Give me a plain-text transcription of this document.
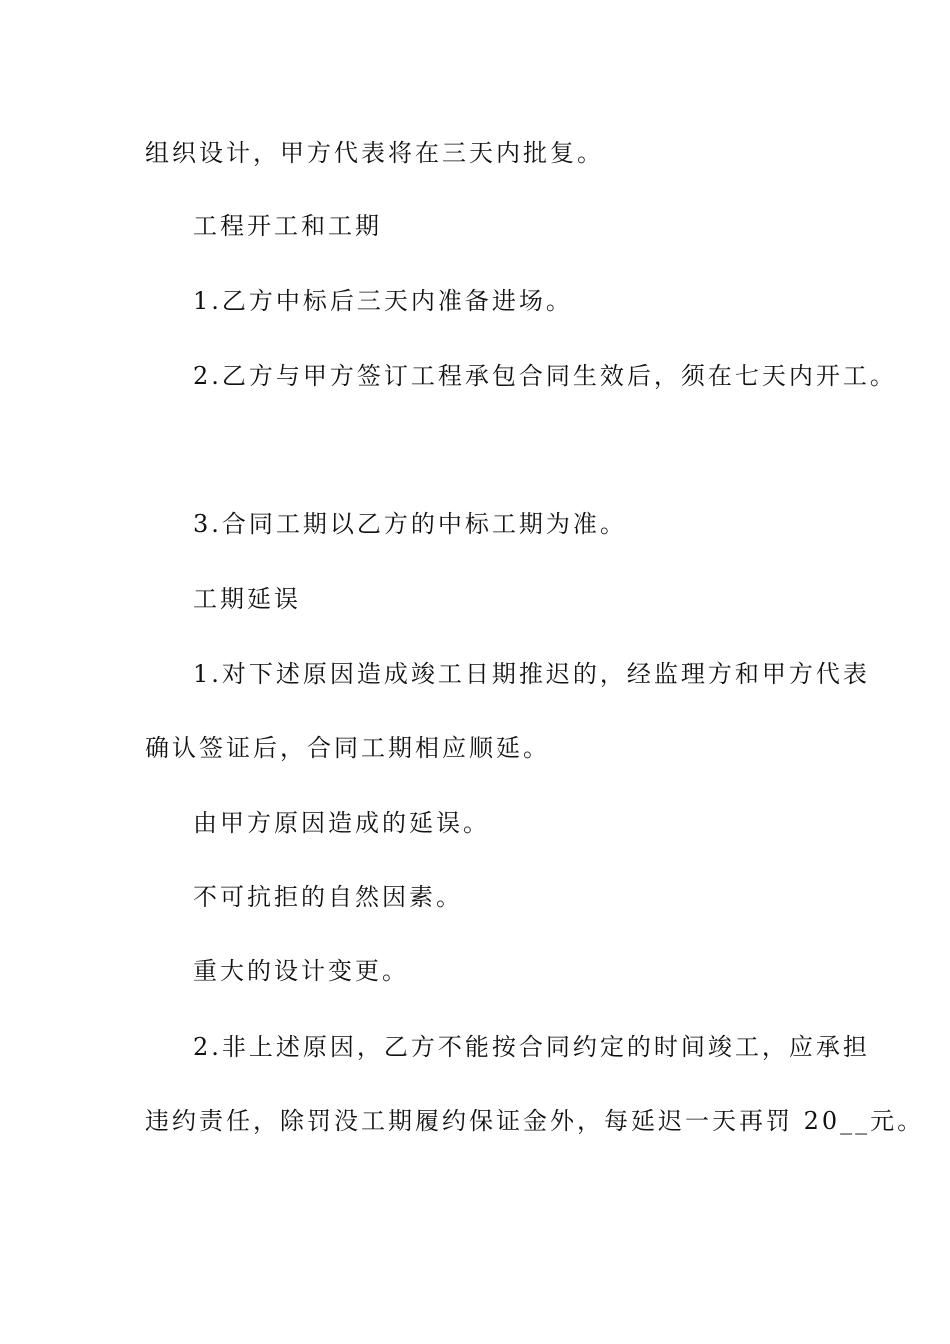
组织设计，甲方代表将在三天内批复。
工程开工和工期
1.乙方中标后三天内准备进场。
2.乙方与甲方签订工程承包合同生效后，须在七天内开工。
3.合同工期以乙方的中标工期为准。
工期延误
1.对下述原因造成竣工日期推迟的，经监理方和甲方代表
确认签证后，合同工期相应顺延。
由甲方原因造成的延误。
不可抗拒的自然因素。
重大的设计变更。
2.非上述原因，乙方不能按合同约定的时间竣工，应承担
违约责任，除罚没工期履约保证金外，每延迟一天再罚 20__元。
